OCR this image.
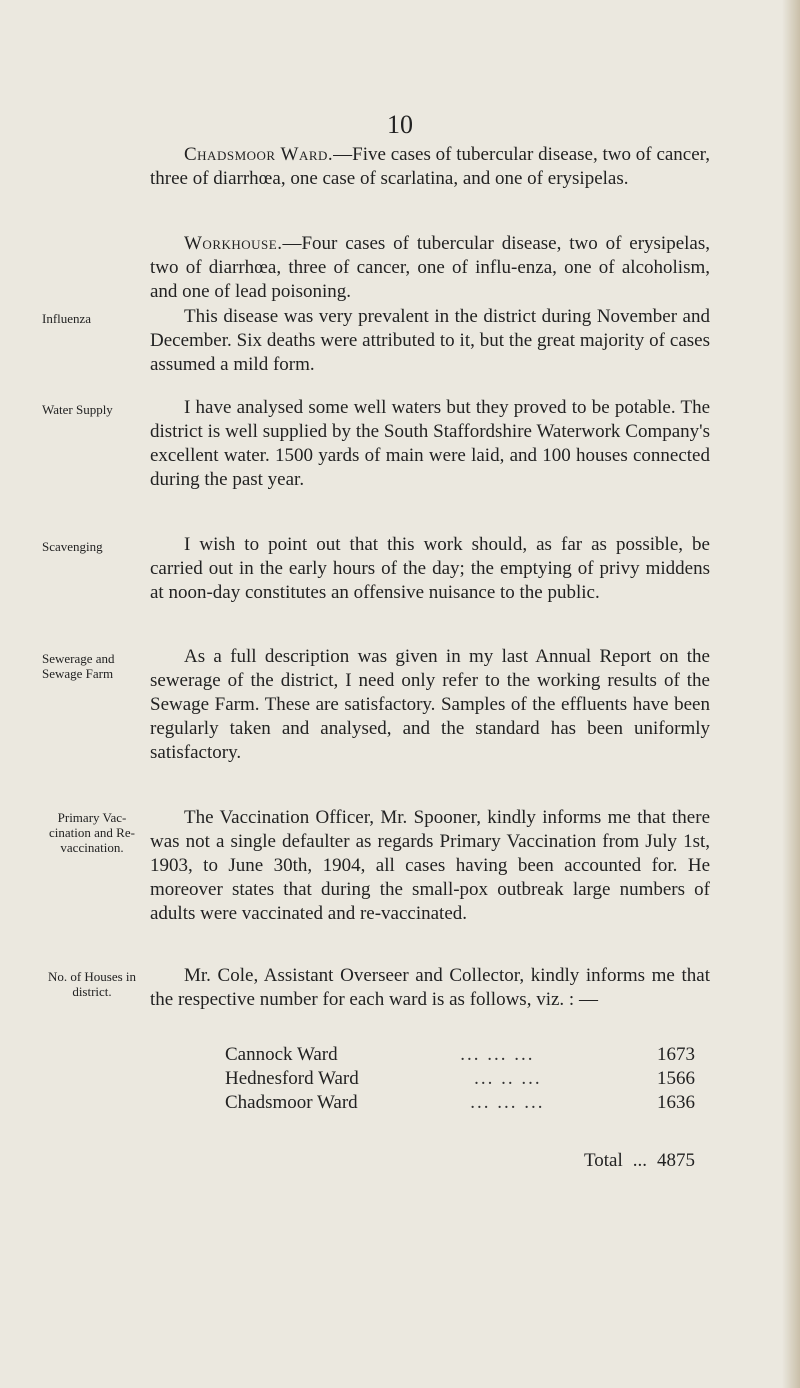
10

Chadsmoor Ward.—Five cases of tubercular disease, two of cancer, three of diarrhœa, one case of scarlatina, and one of erysipelas.

Workhouse.—Four cases of tubercular disease, two of erysipelas, two of diarrhœa, three of cancer, one of influ-enza, one of alcoholism, and one of lead poisoning.

Influenza	This disease was very prevalent in the district during November and December. Six deaths were attributed to it, but the great majority of cases assumed a mild form.

Water Supply	I have analysed some well waters but they proved to be potable. The district is well supplied by the South Staffordshire Waterwork Company's excellent water. 1500 yards of main were laid, and 100 houses connected during the past year.

Scavenging	I wish to point out that this work should, as far as possible, be carried out in the early hours of the day; the emptying of privy middens at noon-day constitutes an offensive nuisance to the public.

Sewerage and Sewage Farm

As a full description was given in my last Annual Report on the sewerage of the district, I need only refer to the working results of the Sewage Farm. These are satisfactory. Samples of the effluents have been regularly taken and analysed, and the standard has been uniformly satisfactory.

Primary Vac-cination and Re-vaccination.

The Vaccination Officer, Mr. Spooner, kindly informs me that there was not a single defaulter as regards Primary Vaccination from July 1st, 1903, to June 30th, 1904, all cases having been accounted for. He moreover states that during the small-pox outbreak large numbers of adults were vaccinated and re-vaccinated.

No. of Houses in district.

Mr. Cole, Assistant Overseer and Collector, kindly informs me that the respective number for each ward is as follows, viz. : —

Cannock Ward	... ... ...	1673
Hednesford Ward	... .. ...	1566
Chadsmoor Ward	... ... ...	1636
Total ... 4875
